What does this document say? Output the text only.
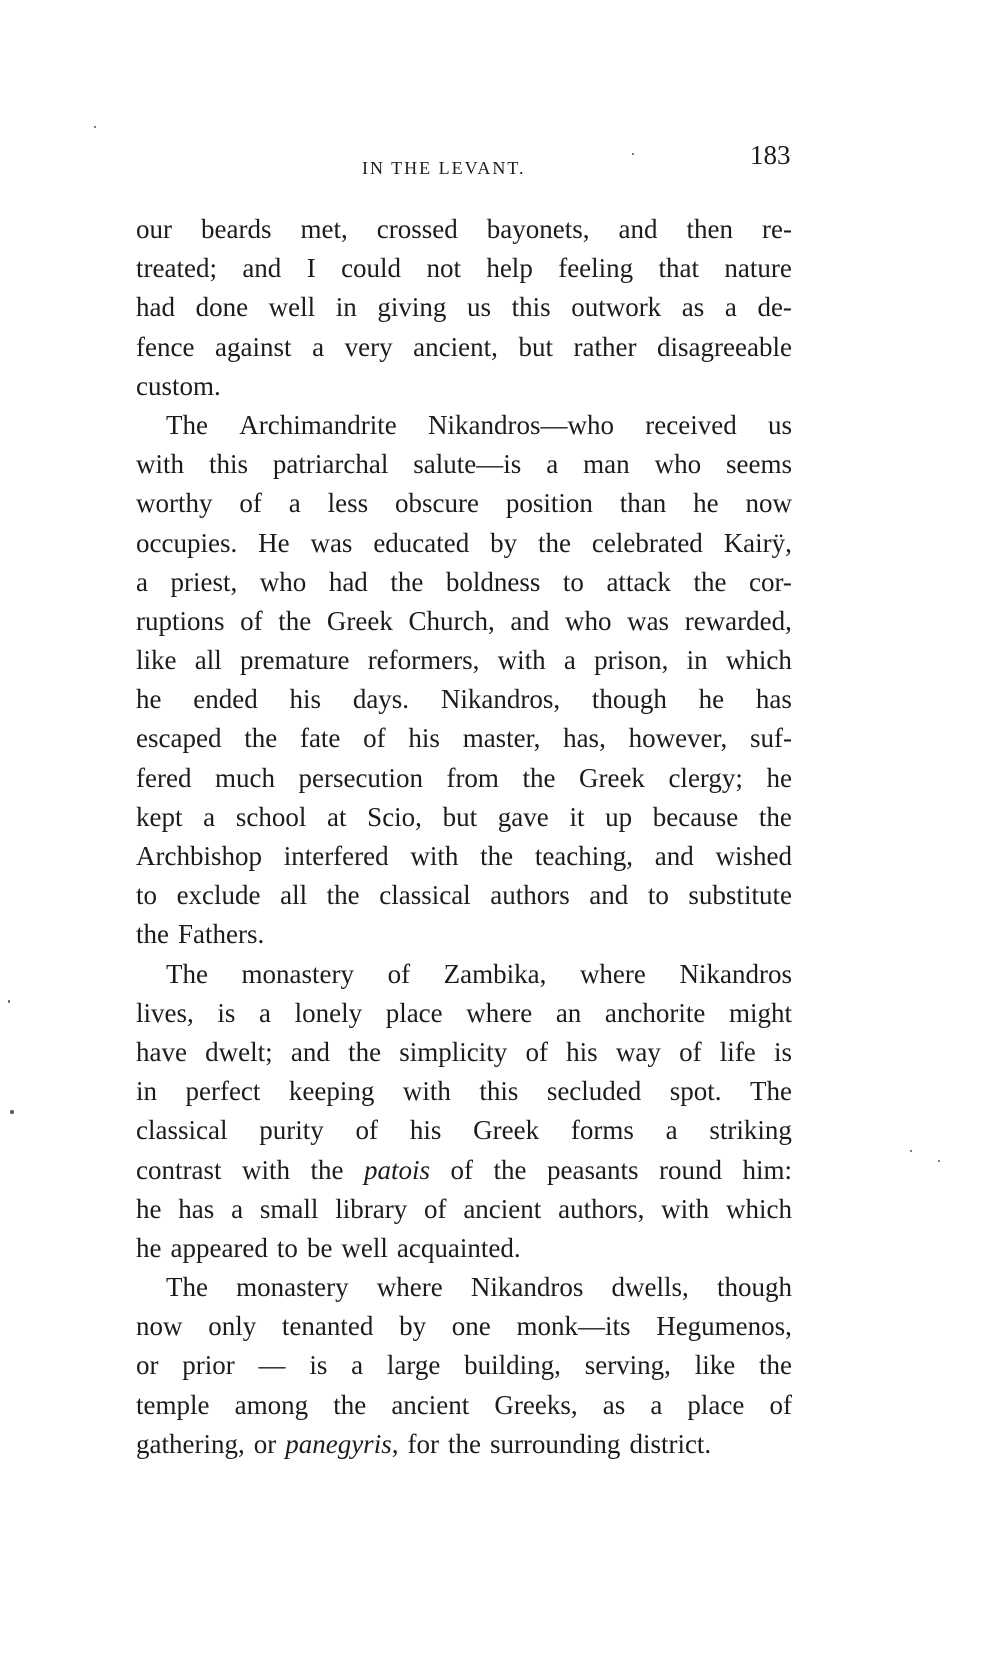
IN THE LEVANT.	183
our beards met, crossed bayonets, and then re-
treated; and I could not help feeling that nature
had done well in giving us this outwork as a de-
fence against a very ancient, but rather disagreeable
custom.
The Archimandrite Nikandros—who received us
with this patriarchal salute—is a man who seems
worthy of a less obscure position than he now
occupies. He was educated by the celebrated Kairÿ,
a priest, who had the boldness to attack the cor-
ruptions of the Greek Church, and who was rewarded,
like all premature reformers, with a prison, in which
he ended his days. Nikandros, though he has
escaped the fate of his master, has, however, suf-
fered much persecution from the Greek clergy; he
kept a school at Scio, but gave it up because the
Archbishop interfered with the teaching, and wished
to exclude all the classical authors and to substitute
the Fathers.
The monastery of Zambika, where Nikandros
lives, is a lonely place where an anchorite might
have dwelt; and the simplicity of his way of life is
in perfect keeping with this secluded spot. The
classical purity of his Greek forms a striking
contrast with the patois of the peasants round him:
he has a small library of ancient authors, with which
he appeared to be well acquainted.
The monastery where Nikandros dwells, though
now only tenanted by one monk—its Hegumenos,
or prior — is a large building, serving, like the
temple among the ancient Greeks, as a place of
gathering, or panegyris, for the surrounding district.
